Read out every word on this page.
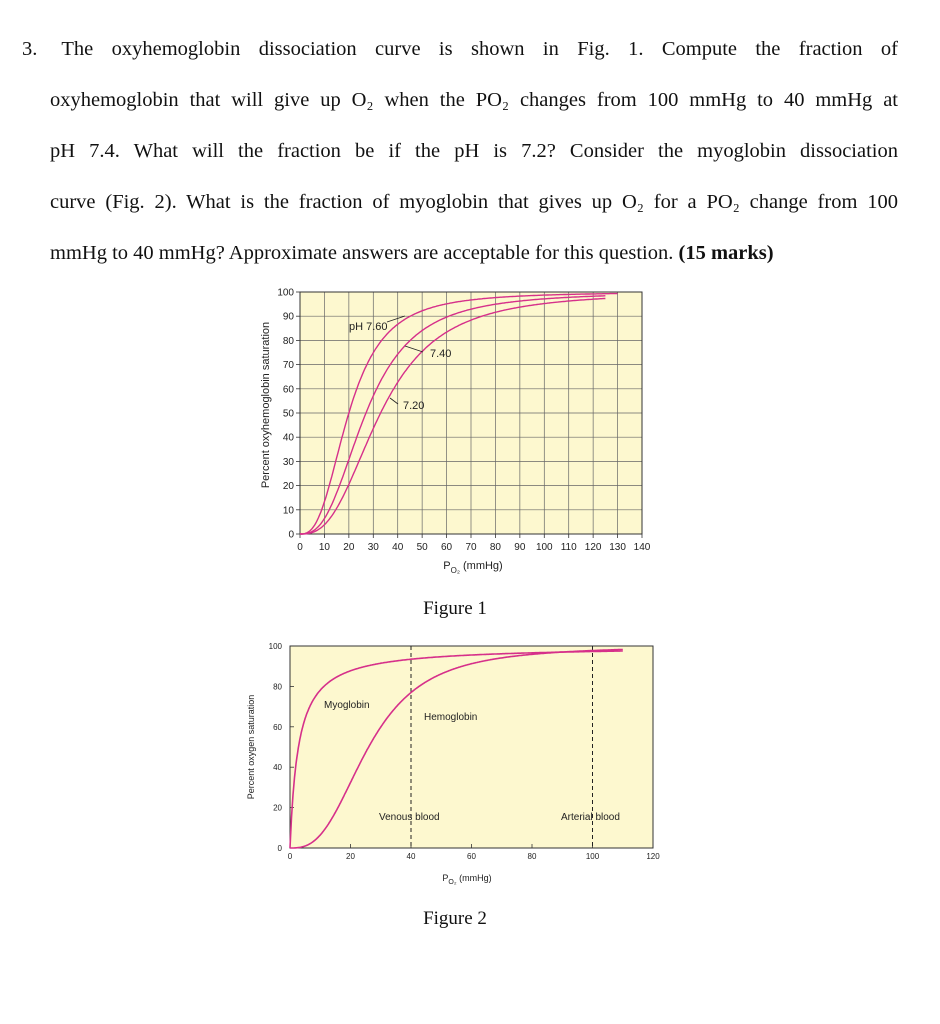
3. The oxyhemoglobin dissociation curve is shown in Fig. 1. Compute the fraction of
oxyhemoglobin that will give up O₂ when the PO₂ changes from 100 mmHg to 40 mmHg at
pH 7.4. What will the fraction be if the pH is 7.2? Consider the myoglobin dissociation
curve (Fig. 2). What is the fraction of myoglobin that gives up O₂ for a PO₂ change from 100
mmHg to 40 mmHg? Approximate answers are acceptable for this question. (15 marks)
0 10 20 30 40 50 60 70 80 90 100 110 120 130 140
0
10
20
30
40
50
60
70
80
90
100
Percent oxyhemoglobin saturation
$P_{O_2}$ (mmHg)
pH 7.60
7.40
7.20
Figure 1
0	20	40	60	80	100	120
0
20
40
60
80
100
Percent oxygen saturation
$P_{O_2}$ (mmHg)
Myoglobin
Hemoglobin
Venous blood	Arterial blood
Figure 2
